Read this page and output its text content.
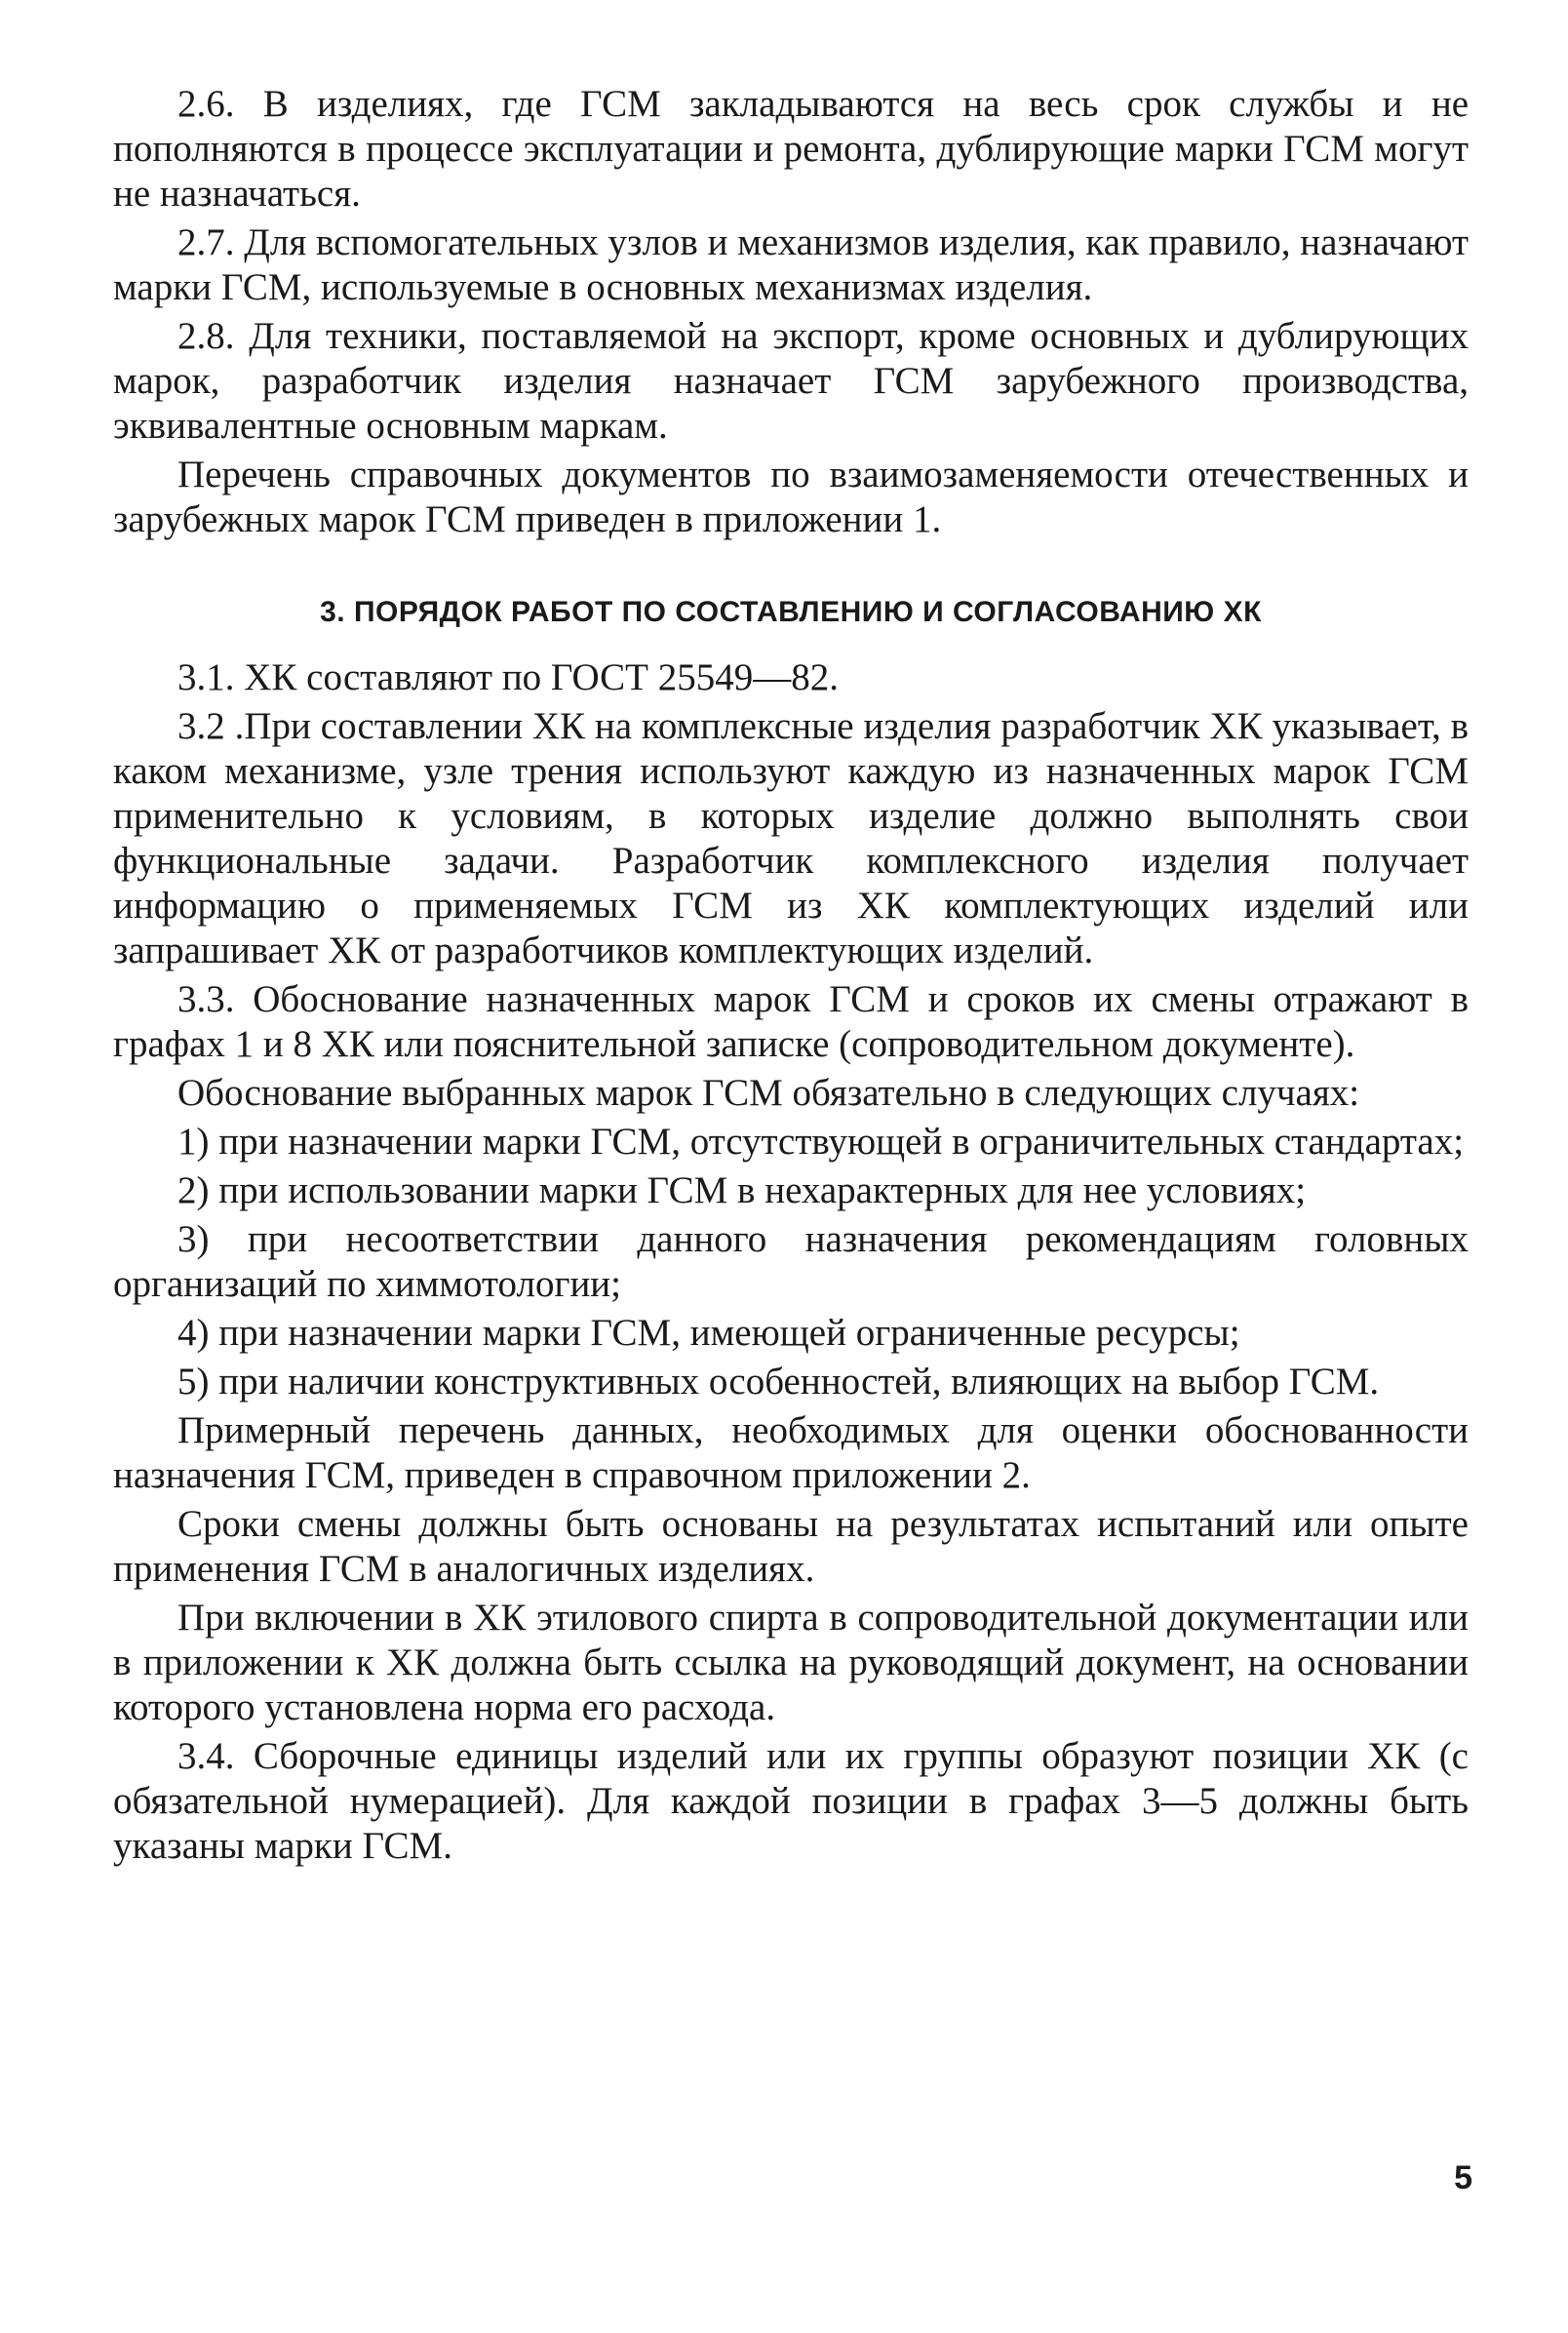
2.6. В изделиях, где ГСМ закладываются на весь срок службы и не пополняются в процессе эксплуатации и ремонта, дублирующие марки ГСМ могут не назначаться.

2.7. Для вспомогательных узлов и механизмов изделия, как правило, назначают марки ГСМ, используемые в основных механизмах изделия.

2.8. Для техники, поставляемой на экспорт, кроме основных и дублирующих марок, разработчик изделия назначает ГСМ зарубежного производства, эквивалентные основным маркам.

Перечень справочных документов по взаимозаменяемости отечественных и зарубежных марок ГСМ приведен в приложении 1.

3. ПОРЯДОК РАБОТ ПО СОСТАВЛЕНИЮ И СОГЛАСОВАНИЮ ХК

3.1. ХК составляют по ГОСТ 25549—82.

3.2 .При составлении ХК на комплексные изделия разработчик ХК указывает, в каком механизме, узле трения используют каждую из назначенных марок ГСМ применительно к условиям, в которых изделие должно выполнять свои функциональные задачи. Разработчик комплексного изделия получает информацию о применяемых ГСМ из ХК комплектующих изделий или запрашивает ХК от разработчиков комплектующих изделий.

3.3. Обоснование назначенных марок ГСМ и сроков их смены отражают в графах 1 и 8 ХК или пояснительной записке (сопроводительном документе).

Обоснование выбранных марок ГСМ обязательно в следующих случаях:

1) при назначении марки ГСМ, отсутствующей в ограничительных стандартах;

2) при использовании марки ГСМ в нехарактерных для нее условиях;

3) при несоответствии данного назначения рекомендациям головных организаций по химмотологии;

4) при назначении марки ГСМ, имеющей ограниченные ресурсы;

5) при наличии конструктивных особенностей, влияющих на выбор ГСМ.

Примерный перечень данных, необходимых для оценки обоснованности назначения ГСМ, приведен в справочном приложении 2.

Сроки смены должны быть основаны на результатах испытаний или опыте применения ГСМ в аналогичных изделиях.

При включении в ХК этилового спирта в сопроводительной документации или в приложении к ХК должна быть ссылка на руководящий документ, на основании которого установлена норма его расхода.

3.4. Сборочные единицы изделий или их группы образуют позиции ХК (с обязательной нумерацией). Для каждой позиции в графах 3—5 должны быть указаны марки ГСМ.

5
